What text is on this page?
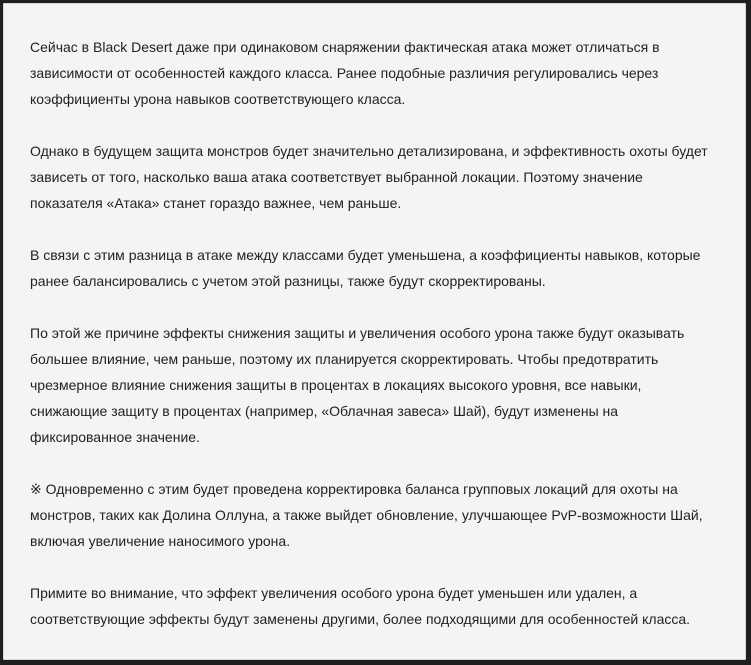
Сейчас в Black Desert даже при одинаковом снаряжении фактическая атака может отличаться в
зависимости от особенностей каждого класса. Ранее подобные различия регулировались через
коэффициенты урона навыков соответствующего класса.

Однако в будущем защита монстров будет значительно детализирована, и эффективность охоты будет
зависеть от того, насколько ваша атака соответствует выбранной локации. Поэтому значение
показателя «Атака» станет гораздо важнее, чем раньше.

В связи с этим разница в атаке между классами будет уменьшена, а коэффициенты навыков, которые
ранее балансировались с учетом этой разницы, также будут скорректированы.

По этой же причине эффекты снижения защиты и увеличения особого урона также будут оказывать
большее влияние, чем раньше, поэтому их планируется скорректировать. Чтобы предотвратить
чрезмерное влияние снижения защиты в процентах в локациях высокого уровня, все навыки,
снижающие защиту в процентах (например, «Облачная завеса» Шай), будут изменены на
фиксированное значение.

※ Одновременно с этим будет проведена корректировка баланса групповых локаций для охоты на
монстров, таких как Долина Оллуна, а также выйдет обновление, улучшающее PvP-возможности Шай,
включая увеличение наносимого урона.

Примите во внимание, что эффект увеличения особого урона будет уменьшен или удален, а
соответствующие эффекты будут заменены другими, более подходящими для особенностей класса.
